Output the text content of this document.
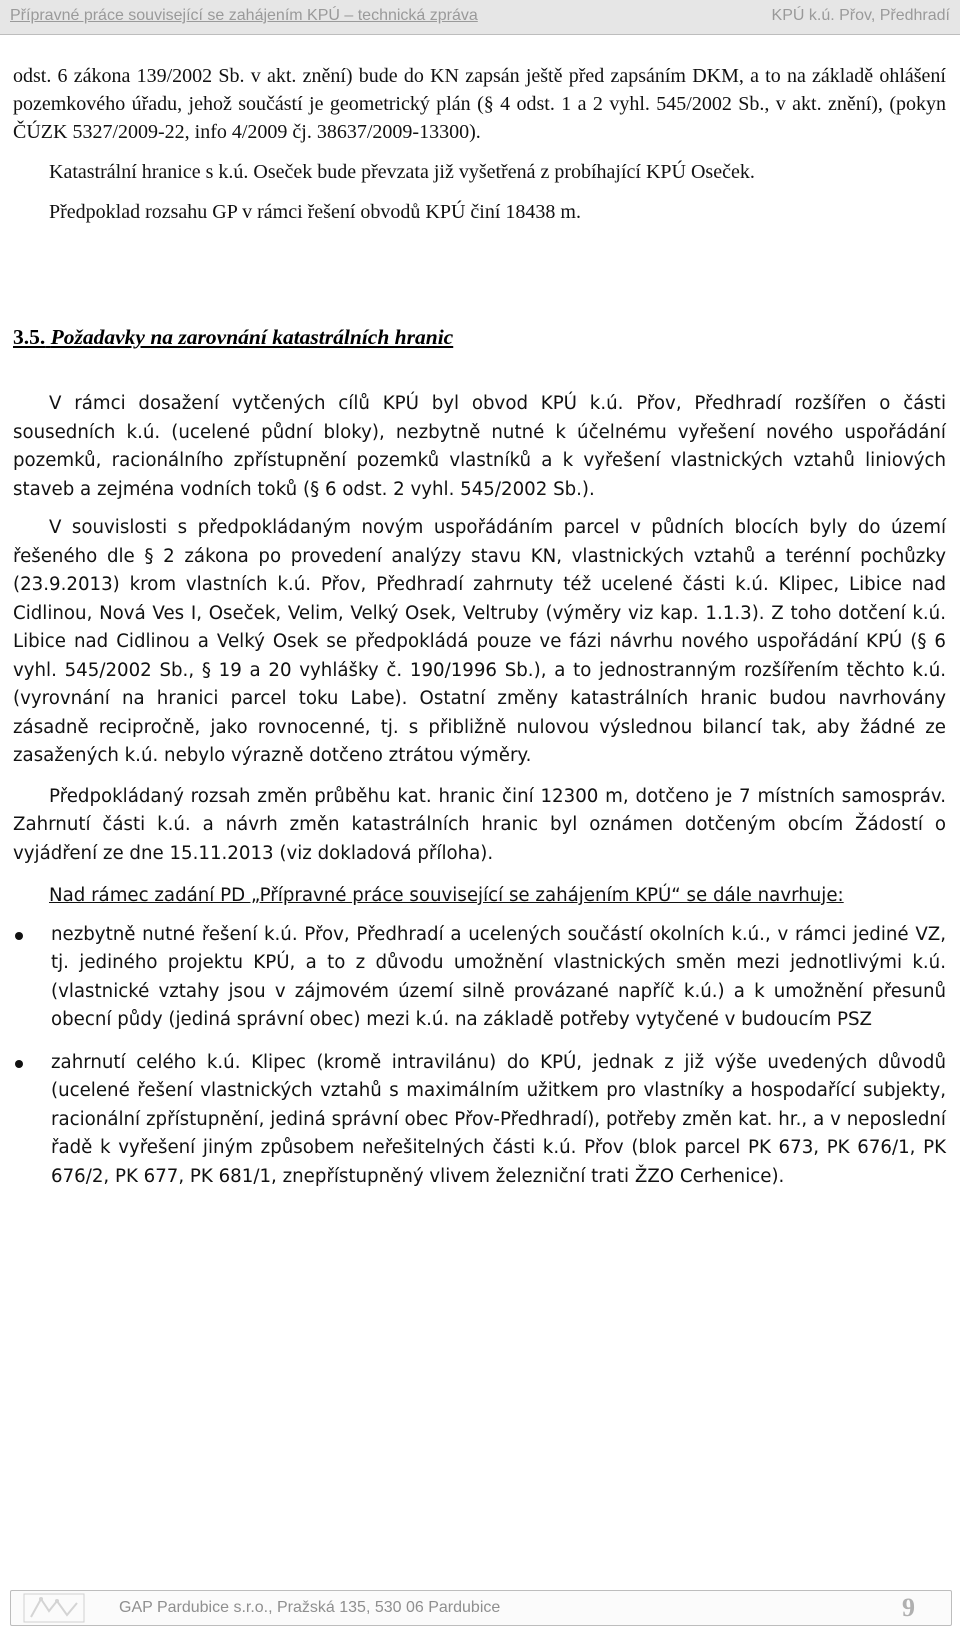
Přípravné práce související se zahájením KPÚ – technická zpráva	KPÚ k.ú. Přov, Předhradí

odst. 6 zákona 139/2002 Sb. v akt. znění) bude do KN zapsán ještě před zapsáním DKM, a to na základě ohlášení pozemkového úřadu, jehož součástí je geometrický plán (§ 4 odst. 1 a 2 vyhl. 545/2002 Sb., v akt. znění), (pokyn ČÚZK 5327/2009-22, info 4/2009 čj. 38637/2009-13300).

Katastrální hranice s k.ú. Oseček bude převzata již vyšetřená z probíhající KPÚ Oseček.

Předpoklad rozsahu GP v rámci řešení obvodů KPÚ činí 18438 m.

3.5. Požadavky na zarovnání katastrálních hranic

V rámci dosažení vytčených cílů KPÚ byl obvod KPÚ k.ú. Přov, Předhradí rozšířen o části sousedních k.ú. (ucelené půdní bloky), nezbytně nutné k účelnému vyřešení nového uspořádání pozemků, racionálního zpřístupnění pozemků vlastníků a k vyřešení vlastnických vztahů liniových staveb a zejména vodních toků (§ 6 odst. 2 vyhl. 545/2002 Sb.).

V souvislosti s předpokládaným novým uspořádáním parcel v půdních blocích byly do území řešeného dle § 2 zákona po provedení analýzy stavu KN, vlastnických vztahů a terénní pochůzky (23.9.2013) krom vlastních k.ú. Přov, Předhradí zahrnuty též ucelené části k.ú. Klipec, Libice nad Cidlinou, Nová Ves I, Oseček, Velim, Velký Osek, Veltruby (výměry viz kap. 1.1.3). Z toho dotčení k.ú. Libice nad Cidlinou a Velký Osek se předpokládá pouze ve fázi návrhu nového uspořádání KPÚ (§ 6 vyhl. 545/2002 Sb., § 19 a 20 vyhlášky č. 190/1996 Sb.), a to jednostranným rozšířením těchto k.ú. (vyrovnání na hranici parcel toku Labe). Ostatní změny katastrálních hranic budou navrhovány zásadně recipročně, jako rovnocenné, tj. s přibližně nulovou výslednou bilancí tak, aby žádné ze zasažených k.ú. nebylo výrazně dotčeno ztrátou výměry.

Předpokládaný rozsah změn průběhu kat. hranic činí 12300 m, dotčeno je 7 místních samospráv. Zahrnutí části k.ú. a návrh změn katastrálních hranic byl oznámen dotčeným obcím Žádostí o vyjádření ze dne 15.11.2013 (viz dokladová příloha).

Nad rámec zadání PD „Přípravné práce související se zahájením KPÚ“ se dále navrhuje:

nezbytně nutné řešení k.ú. Přov, Předhradí a ucelených součástí okolních k.ú., v rámci jediné VZ, tj. jediného projektu KPÚ, a to z důvodu umožnění vlastnických směn mezi jednotlivými k.ú. (vlastnické vztahy jsou v zájmovém území silně provázané napříč k.ú.) a k umožnění přesunů obecní půdy (jediná správní obec) mezi k.ú. na základě potřeby vytyčené v budoucím PSZ
zahrnutí celého k.ú. Klipec (kromě intravilánu) do KPÚ, jednak z již výše uvedených důvodů (ucelené řešení vlastnických vztahů s maximálním užitkem pro vlastníky a hospodařící subjekty, racionální zpřístupnění, jediná správní obec Přov-Předhradí), potřeby změn kat. hr., a v neposlední řadě k vyřešení jiným způsobem neřešitelných části k.ú. Přov (blok parcel PK 673, PK 676/1, PK 676/2, PK 677, PK 681/1, znepřístupněný vlivem železniční trati ŽZO Cerhenice).
GAP Pardubice s.r.o., Pražská 135, 530 06 Pardubice	9
